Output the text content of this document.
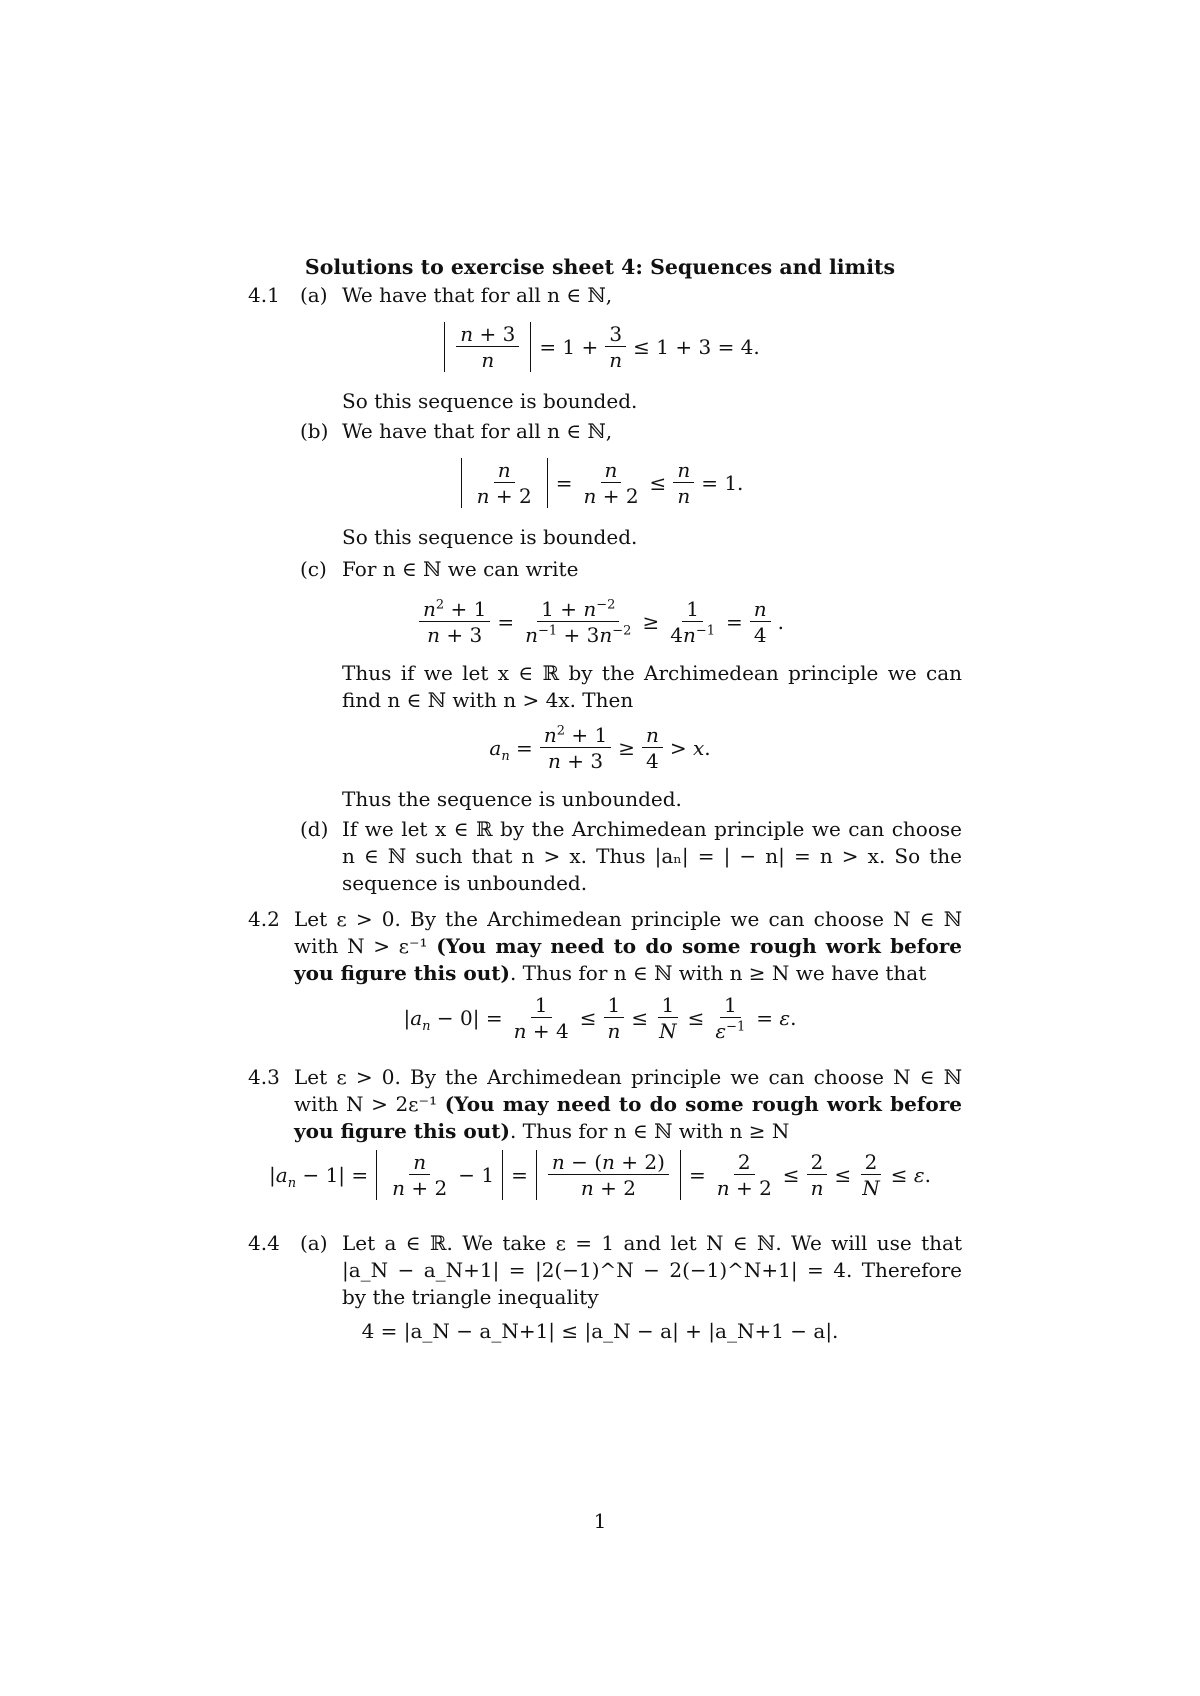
Solutions to exercise sheet 4: Sequences and limits
4.1 (a) We have that for all n ∈ ℕ,
$\frac{n + 3}{n} = 1 + \frac{3}{n} \le 1 + 3 = 4$.
So this sequence is bounded.
(b) We have that for all n ∈ ℕ,
$\frac{n}{n + 2} = \frac{n}{n + 2} \le \frac{n}{n} = 1$.
So this sequence is bounded.
(c) For n ∈ ℕ we can write
$\frac{n^2 + 1}{n + 3} = \frac{1 + n^{-2}}{n^{-1} + 3n^{-2}} \ge \frac{1}{4n^{-1}} = \frac{n}{4}$ .
Thus if we let x ∈ ℝ by the Archimedean principle we can find n ∈ ℕ with n > 4x. Then
$a_n = \frac{n^2 + 1}{n + 3} \ge \frac{n}{4} > x$.
Thus the sequence is unbounded.
(d) If we let x ∈ ℝ by the Archimedean principle we can choose n ∈ ℕ such that n > x. Thus |aₙ| = | − n| = n > x. So the sequence is unbounded.
4.2 Let ε > 0. By the Archimedean principle we can choose N ∈ ℕ with N > ε⁻¹ (You may need to do some rough work before you figure this out). Thus for n ∈ ℕ with n ≥ N we have that
$|a_n - 0| = \frac{1}{n + 4} \le \frac{1}{n} \le \frac{1}{N} \le \frac{1}{\varepsilon^{-1}} = \varepsilon$.
4.3 Let ε > 0. By the Archimedean principle we can choose N ∈ ℕ with N > 2ε⁻¹ (You may need to do some rough work before you figure this out). Thus for n ∈ ℕ with n ≥ N
$|a_n - 1| = \frac{n}{n + 2} - 1 = \frac{n - (n + 2)}{n + 2} = \frac{2}{n + 2} \le \frac{2}{n} \le \frac{2}{N} \le \varepsilon$.
4.4 (a) Let a ∈ ℝ. We take ε = 1 and let N ∈ ℕ. We will use that |a_N − a_N+1| = |2(−1)^N − 2(−1)^N+1| = 4. Therefore by the triangle inequality
4 = |a_N − a_N+1| ≤ |a_N − a| + |a_N+1 − a|.
1
